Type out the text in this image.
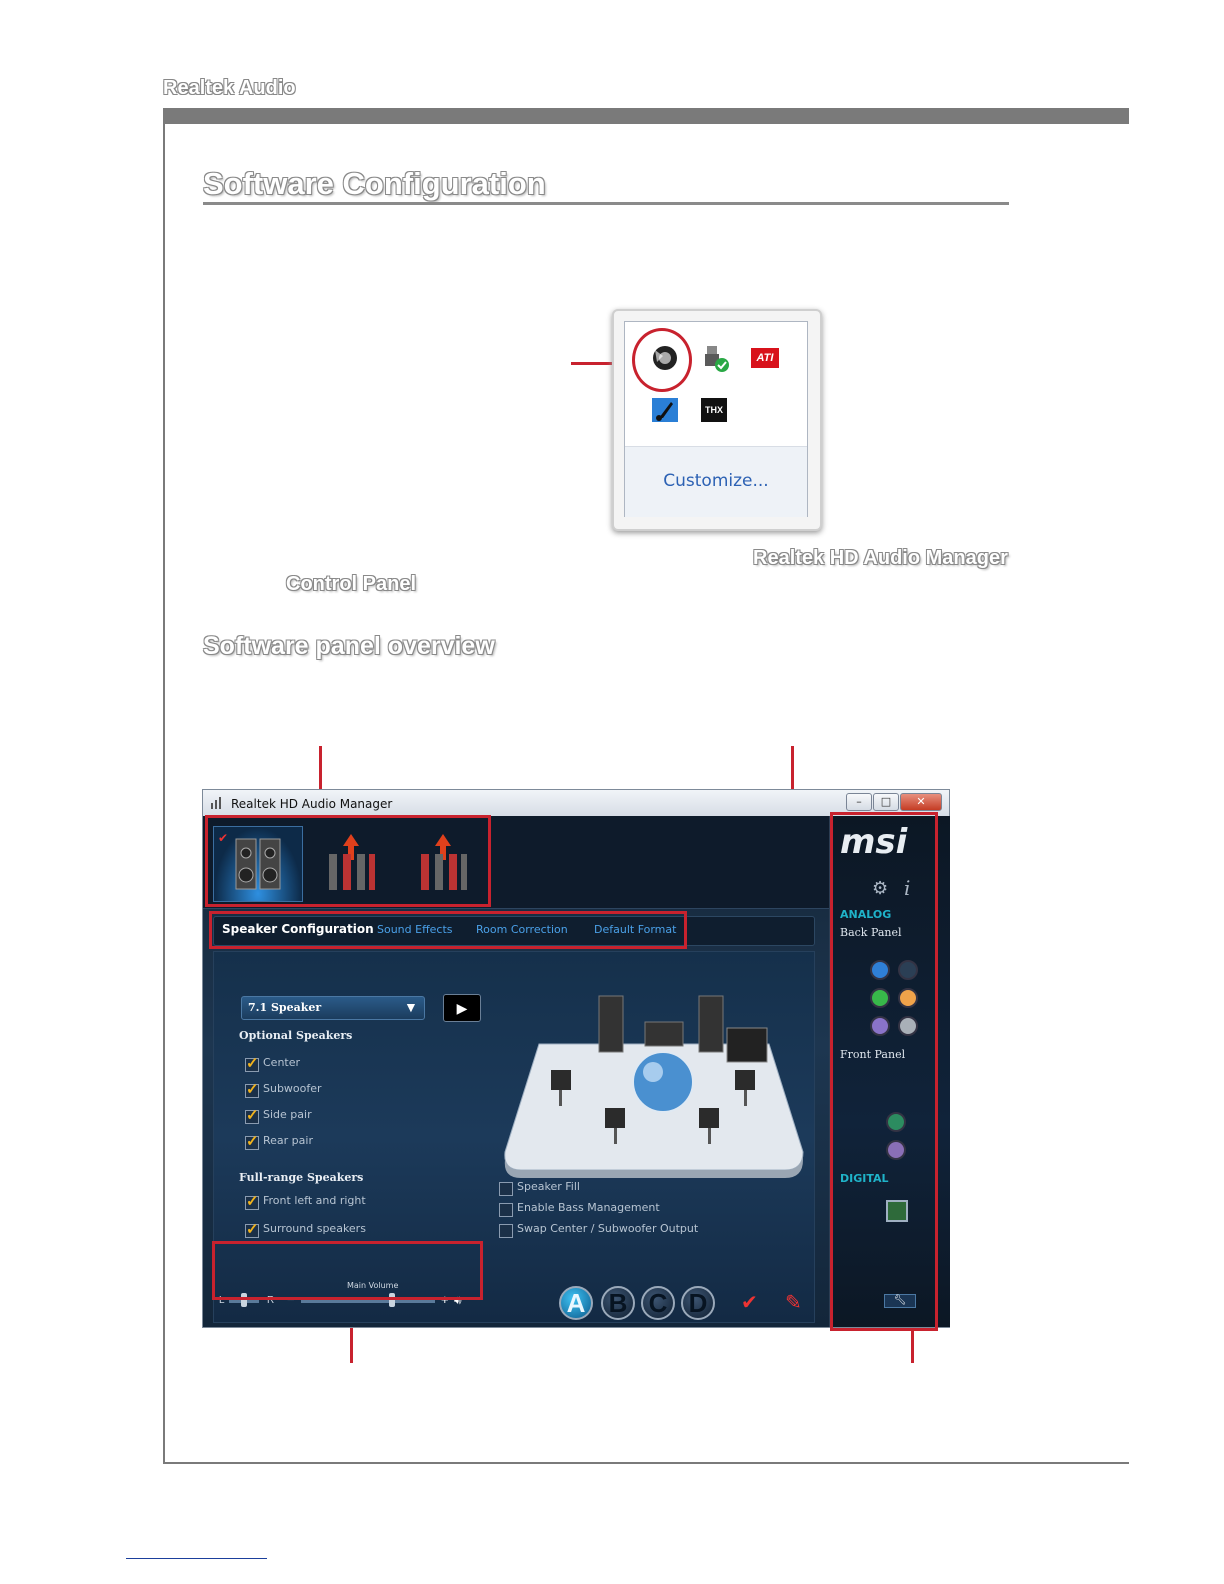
Realtek Audio
Software Configuration
ATI
THX
Customize...
Realtek HD Audio Manager
Control Panel
Software panel overview
Realtek HD Audio Manager	–	□	✕
✔
Speaker Configuration Sound Effects Room Correction Default Format
7.1 Speaker	▼	▶
Optional Speakers
✓ Center
✓ Subwoofer
✓ Side pair
✓ Rear pair
Full-range Speakers
✓ Front left and right
✓ Surround speakers
Speaker Fill
Enable Bass Management
Swap Center / Subwoofer Output
Main Volume
L	R −	+ 🔊︎	A B C D	✔	✎
msi
⚙︎ i
ANALOG
Back Panel
Front Panel
DIGITAL
🔧︎
